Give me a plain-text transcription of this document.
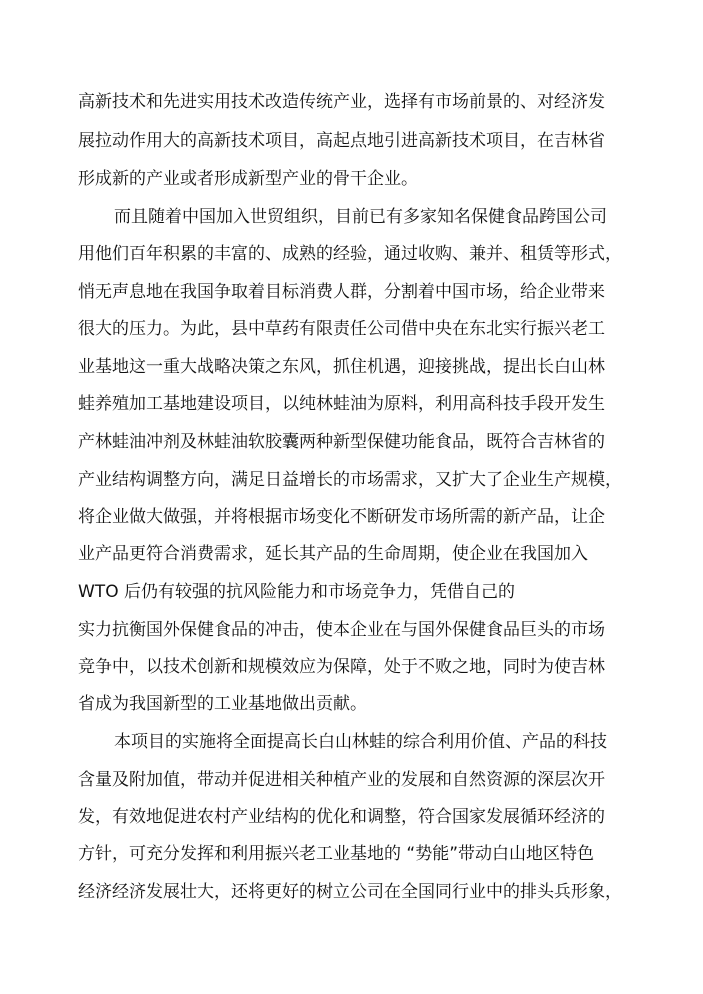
高新技术和先进实用技术改造传统产业，选择有市场前景的、对经济发
展拉动作用大的高新技术项目，高起点地引进高新技术项目，在吉林省
形成新的产业或者形成新型产业的骨干企业。
而且随着中国加入世贸组织，目前已有多家知名保健食品跨国公司
用他们百年积累的丰富的、成熟的经验，通过收购、兼并、租赁等形式，
悄无声息地在我国争取着目标消费人群，分割着中国市场，给企业带来
很大的压力。为此，县中草药有限责任公司借中央在东北实行振兴老工
业基地这一重大战略决策之东风，抓住机遇，迎接挑战，提出长白山林
蛙养殖加工基地建设项目，以纯林蛙油为原料，利用高科技手段开发生
产林蛙油冲剂及林蛙油软胶囊两种新型保健功能食品，既符合吉林省的
产业结构调整方向，满足日益增长的市场需求，又扩大了企业生产规模，
将企业做大做强，并将根据市场变化不断研发市场所需的新产品，让企
业产品更符合消费需求，延长其产品的生命周期，使企业在我国加入
WTO 后仍有较强的抗风险能力和市场竞争力，凭借自己的
实力抗衡国外保健食品的冲击，使本企业在与国外保健食品巨头的市场
竞争中，以技术创新和规模效应为保障，处于不败之地，同时为使吉林
省成为我国新型的工业基地做出贡献。
本项目的实施将全面提高长白山林蛙的综合利用价值、产品的科技
含量及附加值，带动并促进相关种植产业的发展和自然资源的深层次开
发，有效地促进农村产业结构的优化和调整，符合国家发展循环经济的
方针，可充分发挥和利用振兴老工业基地的 “势能”带动白山地区特色
经济经济发展壮大，还将更好的树立公司在全国同行业中的排头兵形象，
